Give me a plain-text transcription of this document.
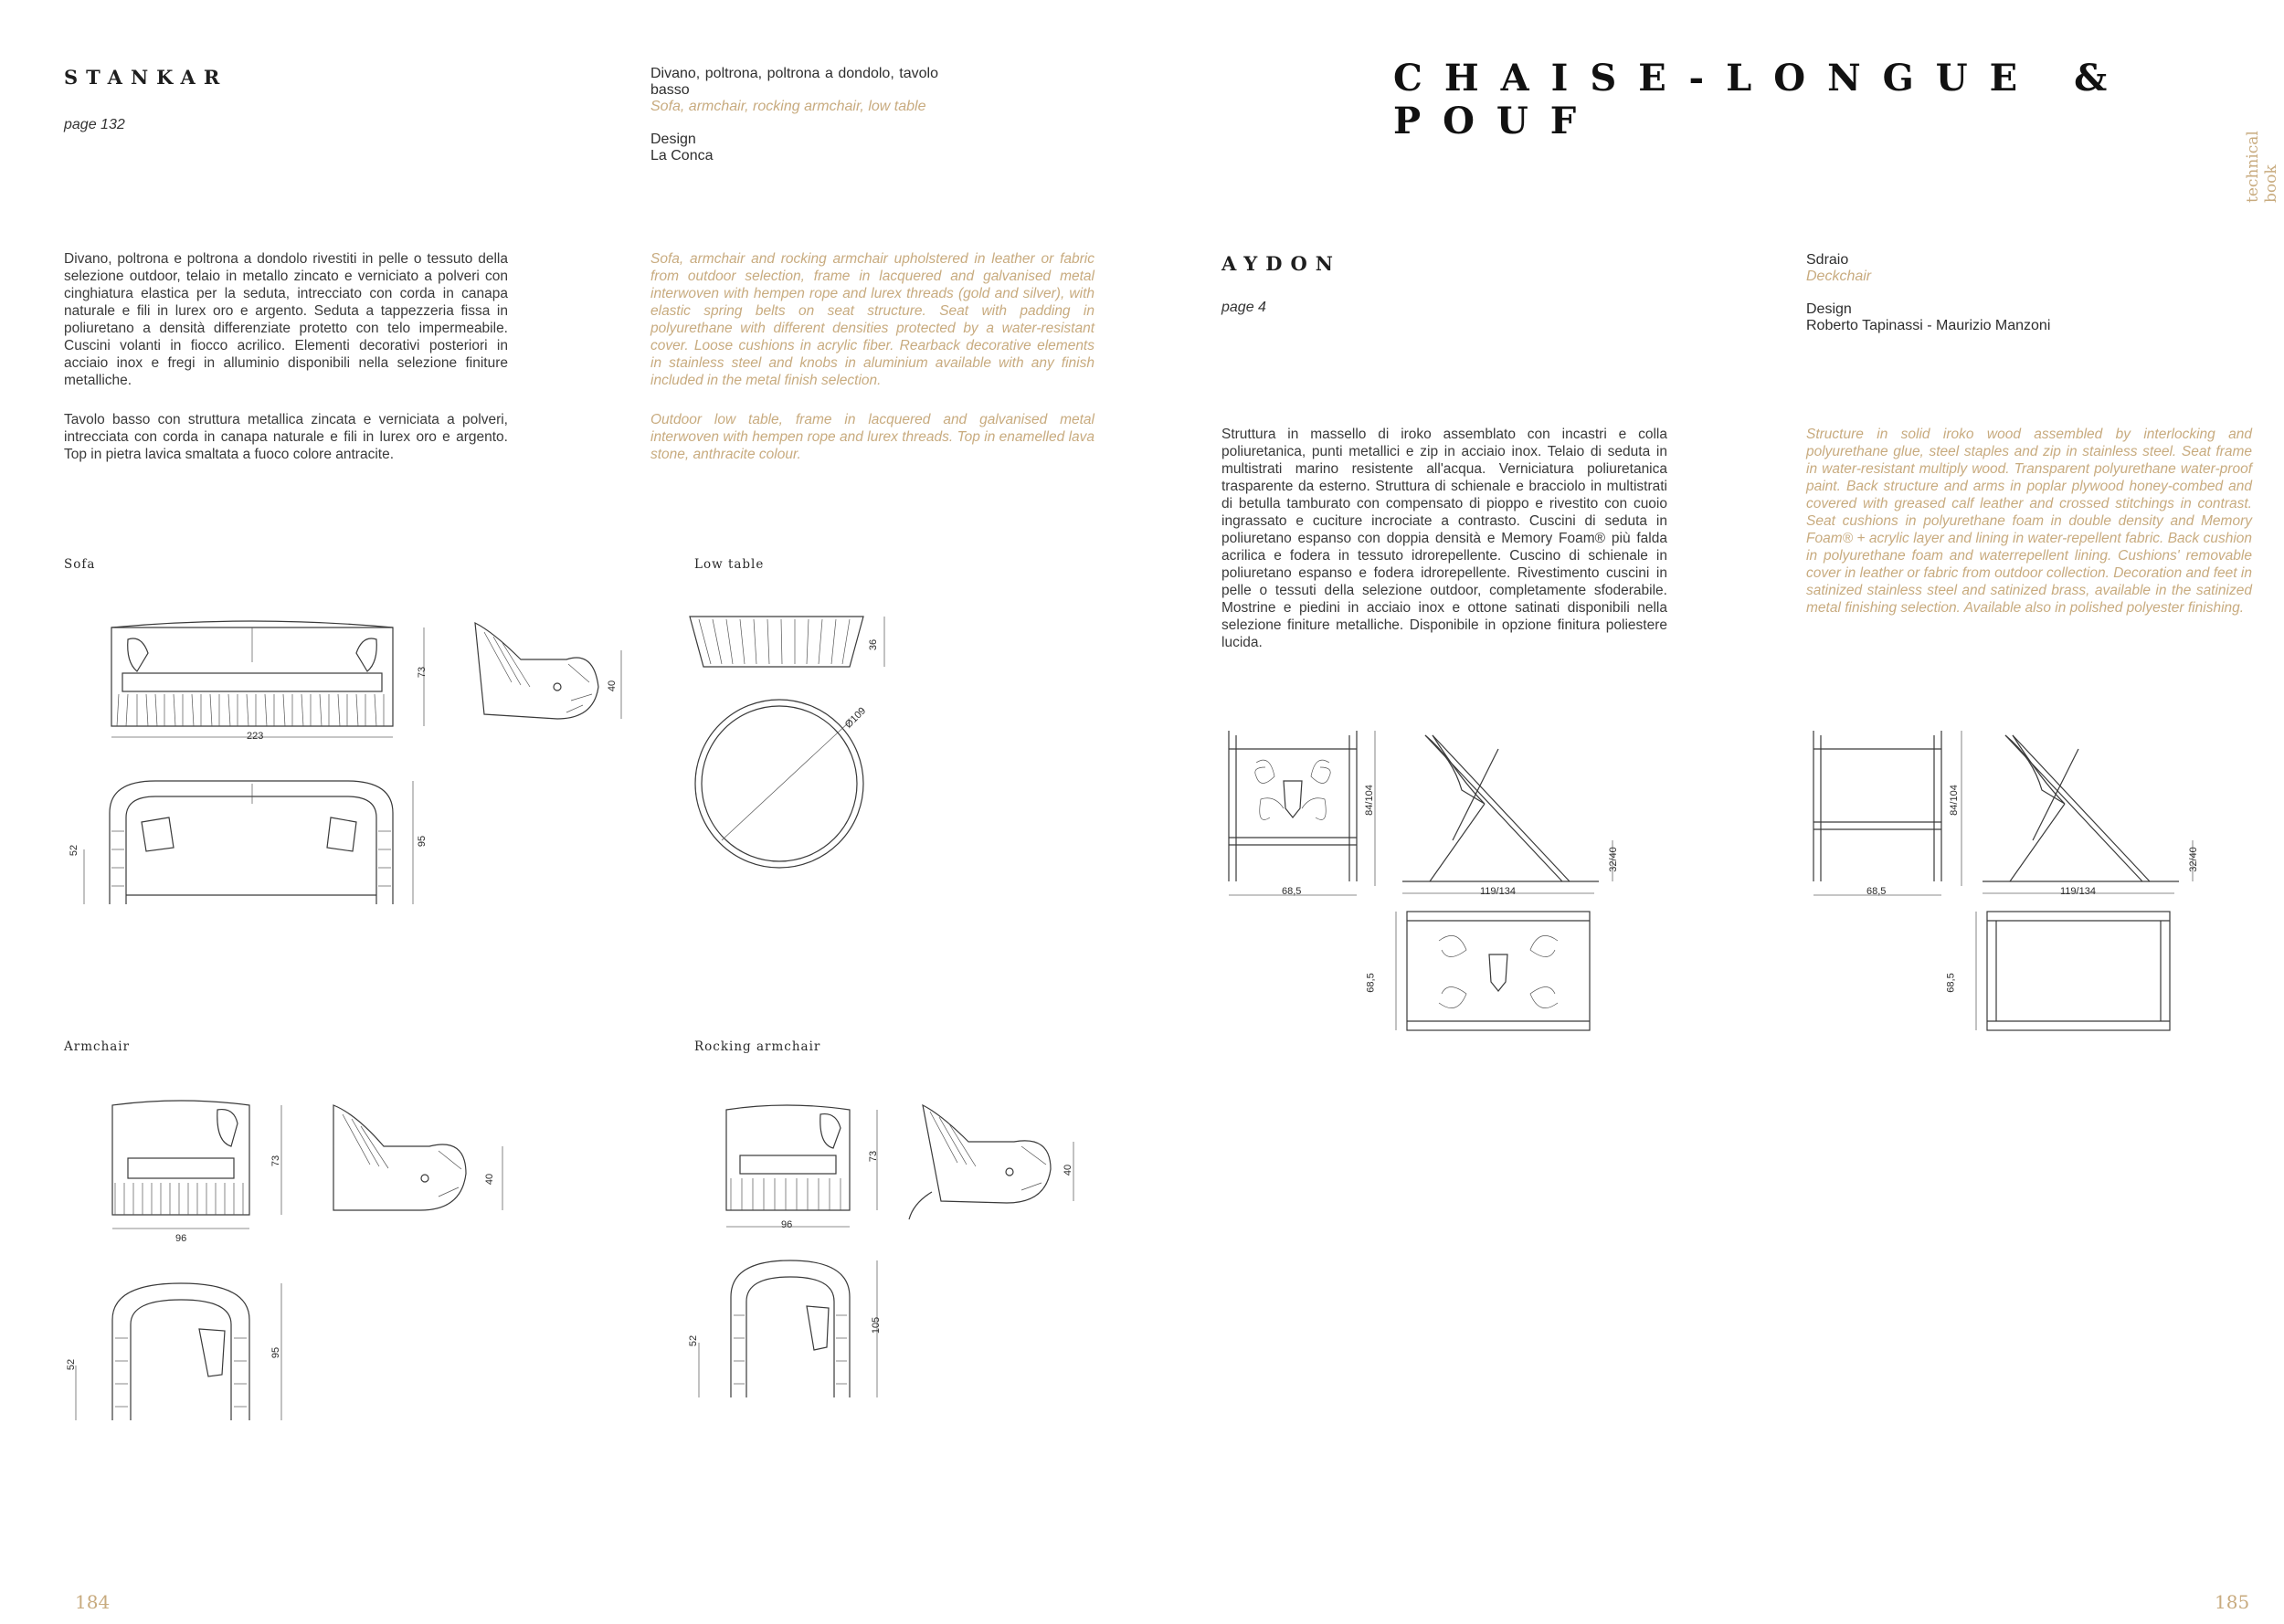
STANKAR
page 132
Divano, poltrona, poltrona a dondolo, tavolo basso
Sofa, armchair, rocking armchair, low table
Design
La Conca
Divano, poltrona e poltrona a dondolo rivestiti in pelle o tessuto della selezione outdoor, telaio in metallo zincato e verniciato a polveri con cinghiatura elastica per la seduta, intrecciato con corda in canapa naturale e fili in lurex oro e argento. Seduta a tappezzeria fissa in poliuretano a densità differenziate protetto con telo impermeabile. Cuscini volanti in fiocco acrilico. Elementi decorativi posteriori in acciaio inox e fregi in alluminio disponibili nella selezione finiture metalliche.
Tavolo basso con struttura metallica zincata e verniciata a polveri, intrecciata con corda in canapa naturale e fili in lurex oro e argento. Top in pietra lavica smaltata a fuoco colore antracite.
Sofa, armchair and rocking armchair upholstered in leather or fabric from outdoor selection, frame in lacquered and galvanised metal interwoven with hempen rope and lurex threads (gold and silver), with elastic spring belts on seat structure. Seat with padding in polyurethane with different densities protected by a water-resistant cover. Loose cushions in acrylic fiber. Rearback decorative elements in stainless steel and knobs in aluminium available with any finish included in the metal finish selection.
Outdoor low table, frame in lacquered and galvanised metal interwoven with hempen rope and lurex threads. Top in enamelled lava stone, anthracite colour.
Sofa	Low table
Armchair	Rocking armchair
223
73
40
52
95
36
Ø109
96
73
40
52
95
96
73
40
52
105
184
CHAISE-LONGUE & POUF
technical book
AYDON
page 4
Sdraio
Deckchair
Design
Roberto Tapinassi - Maurizio Manzoni
Struttura in massello di iroko assemblato con incastri e colla poliuretanica, punti metallici e zip in acciaio inox. Telaio di seduta in multistrati marino resistente all'acqua. Verniciatura poliuretanica trasparente da esterno. Struttura di schienale e bracciolo in multistrati di betulla tamburato con compensato di pioppo e rivestito con cuoio ingrassato e cuciture incrociate a contrasto. Cuscini di seduta in poliuretano espanso con doppia densità e Memory Foam® più falda acrilica e fodera in tessuto idrorepellente. Cuscino di schienale in poliuretano espanso e fodera idrorepellente. Rivestimento cuscini in pelle o tessuti della selezione outdoor, completamente sfoderabile. Mostrine e piedini in acciaio inox e ottone satinati disponibili nella selezione finiture metalliche. Disponibile in opzione finitura poliestere lucida.
Structure in solid iroko wood assembled by interlocking and polyurethane glue, steel staples and zip in stainless steel. Seat frame in water-resistant multiply wood. Transparent polyurethane water-proof paint. Back structure and arms in poplar plywood honey-combed and covered with greased calf leather and crossed stitchings in contrast. Seat cushions in polyurethane foam in double density and Memory Foam® + acrylic layer and lining in water-repellent fabric. Back cushion in polyurethane foam and waterrepellent lining. Cushions' removable cover in leather or fabric from outdoor collection. Decoration and feet in satinized stainless steel and satinized brass, available in the satinized metal finishing selection. Available also in polished polyester finishing.
68,5
84/104
119/134
32/40
68,5
68,5
84/104
119/134
32/40
68,5
185
